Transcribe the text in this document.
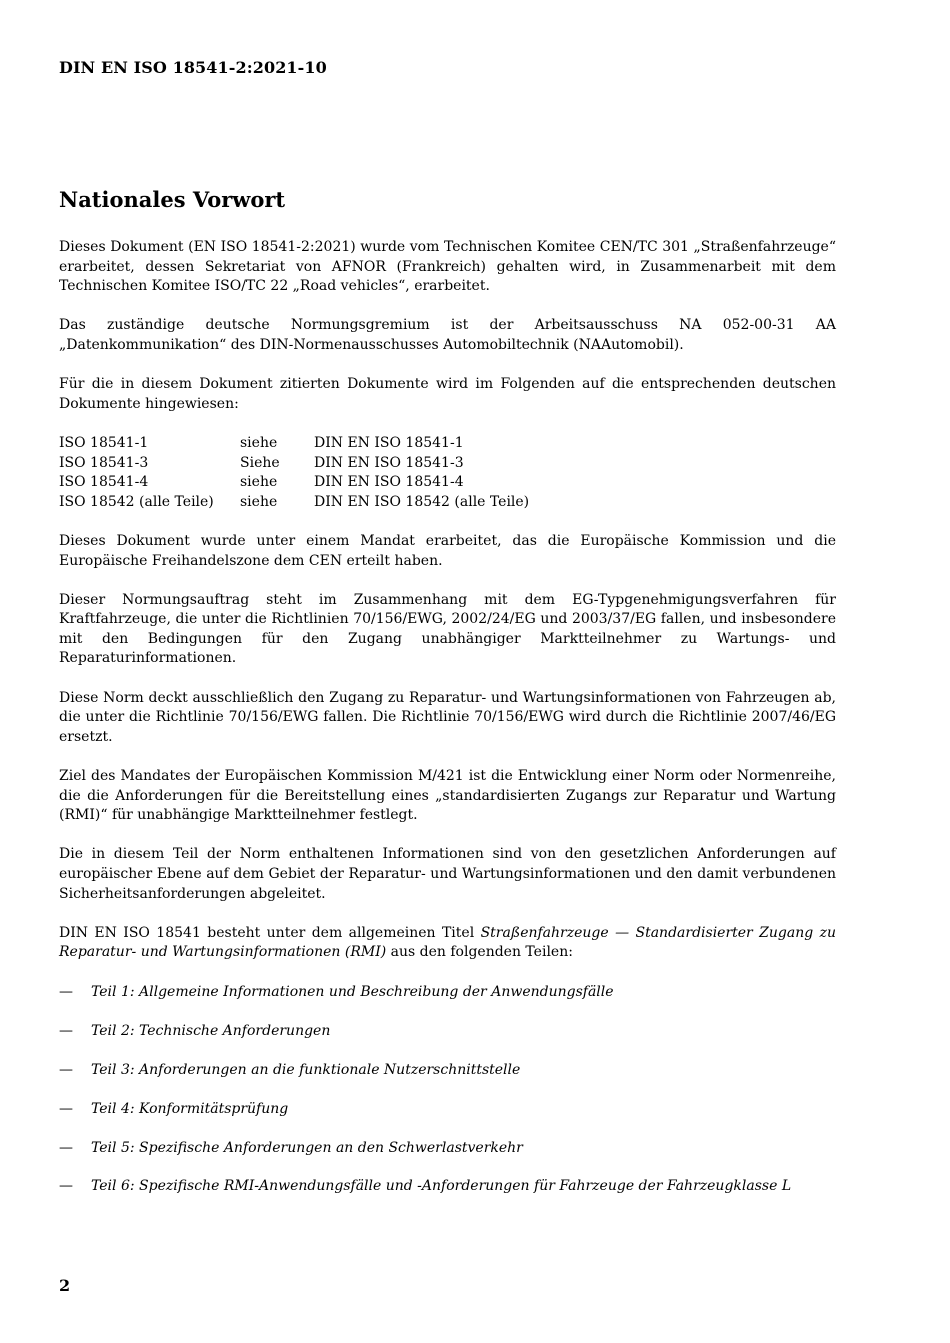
DIN EN ISO 18541-2:2021-10
Nationales Vorwort

Dieses Dokument (EN ISO 18541-2:2021) wurde vom Technischen Komitee CEN/TC 301 „Straßenfahrzeuge“ erarbeitet, dessen Sekretariat von AFNOR (Frankreich) gehalten wird, in Zusammenarbeit mit dem Technischen Komitee ISO/TC 22 „Road vehicles“, erarbeitet.

Das zuständige deutsche Normungsgremium ist der Arbeitsausschuss NA 052-00-31 AA „Datenkommunikation“ des DIN-Normenausschusses Automobiltechnik (NAAutomobil).

Für die in diesem Dokument zitierten Dokumente wird im Folgenden auf die entsprechenden deutschen Dokumente hingewiesen:

ISO 18541-1	siehe	DIN EN ISO 18541-1
ISO 18541-3	Siehe	DIN EN ISO 18541-3
ISO 18541-4	siehe	DIN EN ISO 18541-4
ISO 18542 (alle Teile)	siehe	DIN EN ISO 18542 (alle Teile)

Dieses Dokument wurde unter einem Mandat erarbeitet, das die Europäische Kommission und die Europäische Freihandelszone dem CEN erteilt haben.

Dieser Normungsauftrag steht im Zusammenhang mit dem EG-Typgenehmigungsverfahren für Kraftfahrzeuge, die unter die Richtlinien 70/156/EWG, 2002/24/EG und 2003/37/EG fallen, und insbesondere mit den Bedingungen für den Zugang unabhängiger Marktteilnehmer zu Wartungs- und Reparaturinformationen.

Diese Norm deckt ausschließlich den Zugang zu Reparatur- und Wartungsinformationen von Fahrzeugen ab, die unter die Richtlinie 70/156/EWG fallen. Die Richtlinie 70/156/EWG wird durch die Richtlinie 2007/46/EG ersetzt.

Ziel des Mandates der Europäischen Kommission M/421 ist die Entwicklung einer Norm oder Normenreihe, die die Anforderungen für die Bereitstellung eines „standardisierten Zugangs zur Reparatur und Wartung (RMI)“ für unabhängige Marktteilnehmer festlegt.

Die in diesem Teil der Norm enthaltenen Informationen sind von den gesetzlichen Anforderungen auf europäischer Ebene auf dem Gebiet der Reparatur- und Wartungsinformationen und den damit verbundenen Sicherheitsanforderungen abgeleitet.

DIN EN ISO 18541 besteht unter dem allgemeinen Titel Straßenfahrzeuge — Standardisierter Zugang zu Reparatur- und Wartungsinformationen (RMI) aus den folgenden Teilen:

— Teil 1: Allgemeine Informationen und Beschreibung der Anwendungsfälle
— Teil 2: Technische Anforderungen
— Teil 3: Anforderungen an die funktionale Nutzerschnittstelle
— Teil 4: Konformitätsprüfung
— Teil 5: Spezifische Anforderungen an den Schwerlastverkehr
— Teil 6: Spezifische RMI-Anwendungsfälle und -Anforderungen für Fahrzeuge der Fahrzeugklasse L
2
